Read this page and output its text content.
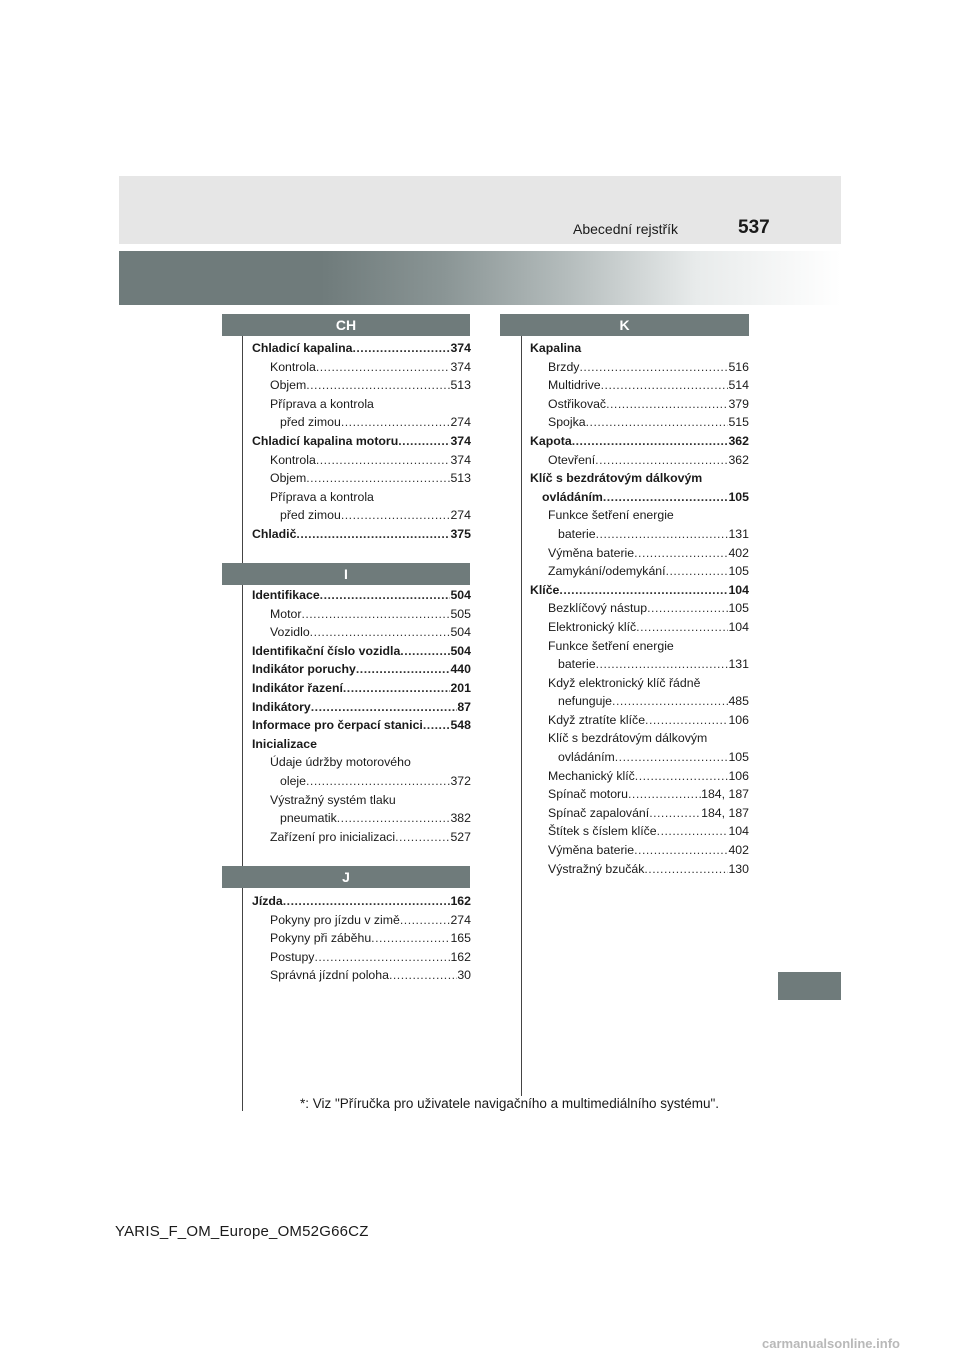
Abecední rejstřík	537
CH
Chladicí kapalina .....	374
Kontrola .....	374
Objem .....	513
Příprava a kontrola
před zimou .....	274
Chladicí kapalina motoru .....	374
Kontrola .....	374
Objem .....	513
Příprava a kontrola
před zimou .....	274
Chladič .....	375
I
Identifikace .....	504
Motor .....	505
Vozidlo .....	504
Identifikační číslo vozidla .....	504
Indikátor poruchy .....	440
Indikátor řazení .....	201
Indikátory .....	87
Informace pro čerpací stanici ..... 548
Inicializace
Údaje údržby motorového
oleje .....	372
Výstražný systém tlaku
pneumatik .....	382
Zařízení pro inicializaci .....	527
J
Jízda .....	162
Pokyny pro jízdu v zimě .....	274
Pokyny při záběhu .....	165
Postupy .....	162
Správná jízdní poloha .....	30
K
Kapalina
Brzdy .....	516
Multidrive .....	514
Ostřikovač .....	379
Spojka .....	515
Kapota .....	362
Otevření .....	362
Klíč s bezdrátovým dálkovým
ovládáním .....	105
Funkce šetření energie
baterie .....	131
Výměna baterie .....	402
Zamykání/odemykání .....	105
Klíče .....	104
Bezklíčový nástup .....	105
Elektronický klíč .....	104
Funkce šetření energie
baterie .....	131
Když elektronický klíč řádně
nefunguje .....	485
Když ztratíte klíče .....	106
Klíč s bezdrátovým dálkovým
ovládáním .....	105
Mechanický klíč .....	106
Spínač motoru .....	184, 187
Spínač zapalování .....	184, 187
Štítek s číslem klíče .....	104
Výměna baterie .....	402
Výstražný bzučák .....	130
*: Viz "Příručka pro uživatele navigačního a multimediálního systému".
YARIS_F_OM_Europe_OM52G66CZ
carmanualsonline.info
